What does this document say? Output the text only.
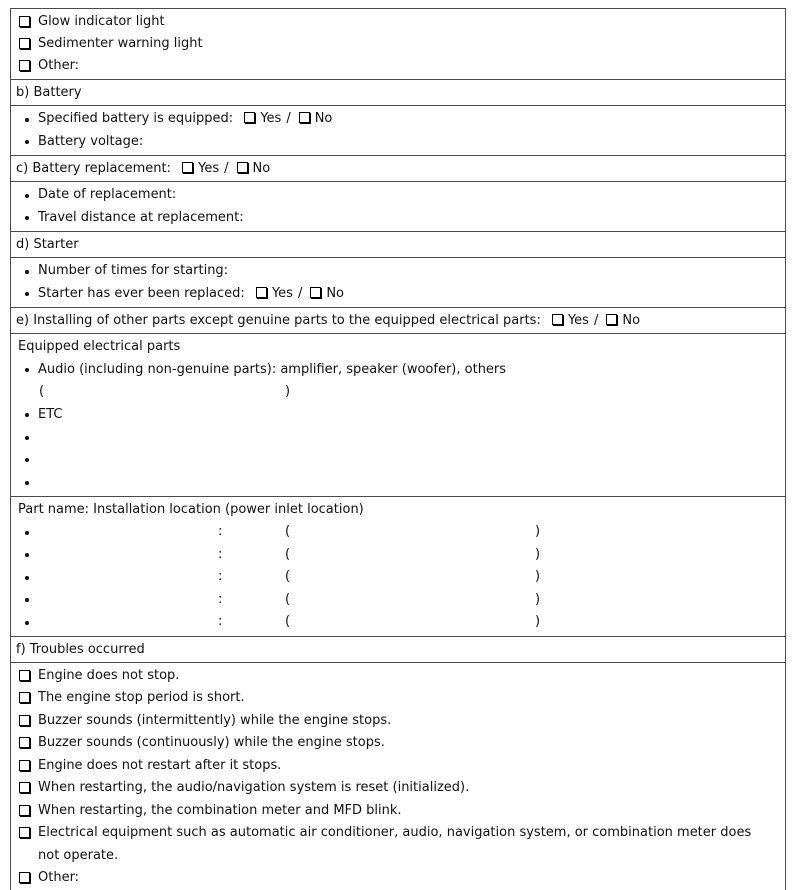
Glow indicator light
Sedimenter warning light
Other:
b) Battery
Specified battery is equipped: Yes / No
Battery voltage:
c) Battery replacement: Yes / No
Date of replacement:
Travel distance at replacement:
d) Starter
Number of times for starting:
Starter has ever been replaced: Yes / No
e) Installing of other parts except genuine parts to the equipped electrical parts: Yes / No
Equipped electrical parts
Audio (including non-genuine parts): amplifier, speaker (woofer), others
(	)
ETC

Part name: Installation location (power inlet location)
:	(	)
:	(	)
:	(	)
:	(	)
:	(	)
f) Troubles occurred
Engine does not stop.
The engine stop period is short.
Buzzer sounds (intermittently) while the engine stops.
Buzzer sounds (continuously) while the engine stops.
Engine does not restart after it stops.
When restarting, the audio/navigation system is reset (initialized).
When restarting, the combination meter and MFD blink.
Electrical equipment such as automatic air conditioner, audio, navigation system, or combination meter does not operate.
Other:
